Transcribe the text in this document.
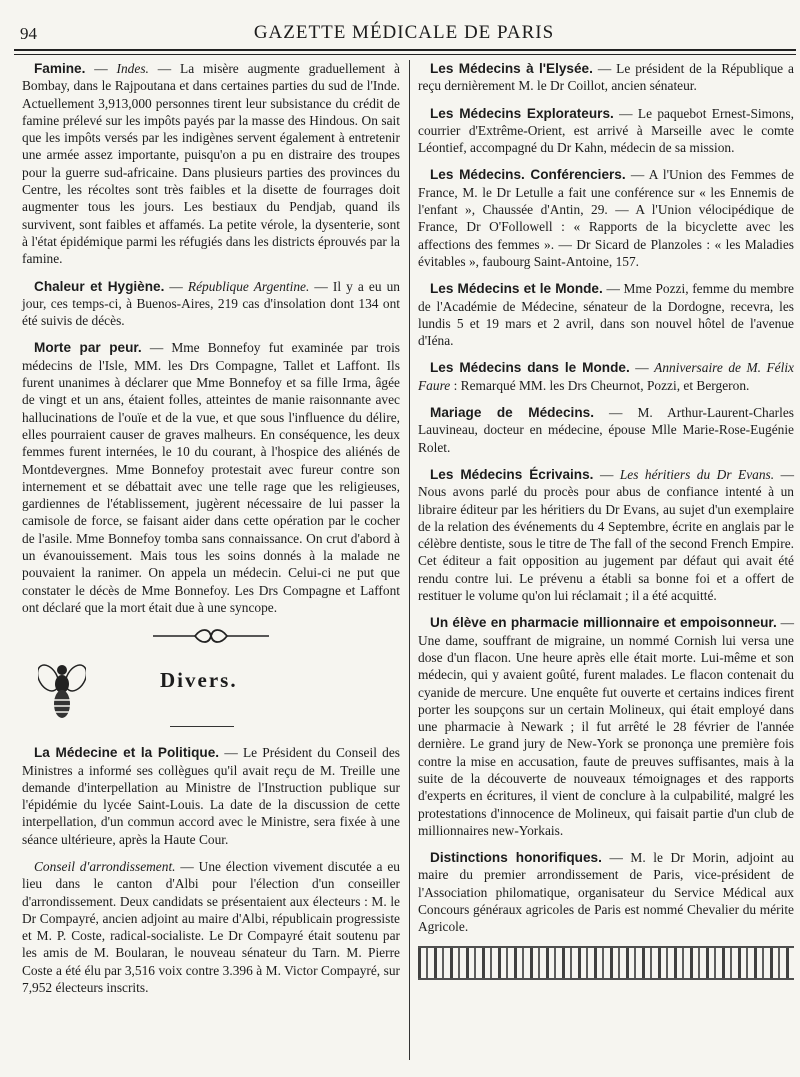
94	GAZETTE MÉDICALE DE PARIS

Famine. — Indes. — La misère augmente graduellement à Bombay, dans le Rajpoutana et dans certaines parties du sud de l'Inde. Actuellement 3,913,000 personnes tirent leur subsistance du crédit de famine prélevé sur les impôts payés par la masse des Hindous. On sait que les impôts versés par les indigènes servent également à entretenir une armée assez importante, puisqu'on a pu en distraire des troupes pour la guerre sud-africaine. Dans plusieurs parties des provinces du Centre, les récoltes sont très faibles et la disette de fourrages doit augmenter tous les jours. Les bestiaux du Pendjab, quand ils survivent, sont faibles et affamés. La petite vérole, la dysenterie, sont à l'état épidémique parmi les réfugiés dans les districts éprouvés par la famine.

Chaleur et Hygiène. — République Argentine. — Il y a eu un jour, ces temps-ci, à Buenos-Aires, 219 cas d'insolation dont 134 ont été suivis de décès.

Morte par peur. — Mme Bonnefoy fut examinée par trois médecins de l'Isle, MM. les Drs Compagne, Tallet et Laffont. Ils furent unanimes à déclarer que Mme Bonnefoy et sa fille Irma, âgée de vingt et un ans, étaient folles, atteintes de manie raisonnante avec hallucinations de l'ouïe et de la vue, et que sous l'influence du délire, elles pourraient causer de graves malheurs. En conséquence, les deux femmes furent internées, le 10 du courant, à l'hospice des aliénés de Montdevergnes. Mme Bonnefoy protestait avec fureur contre son internement et se débattait avec une telle rage que les religieuses, gardiennes de l'établissement, jugèrent nécessaire de lui passer la camisole de force, se faisant aider dans cette opération par le cocher de l'asile. Mme Bonnefoy tomba sans connaissance. On crut d'abord à un évanouissement. Mais tous les soins donnés à la malade ne pouvaient la ranimer. On appela un médecin. Celui-ci ne put que constater le décès de Mme Bonnefoy. Les Drs Compagne et Laffont ont déclaré que la mort était due à une syncope.

Divers.

La Médecine et la Politique. — Le Président du Conseil des Ministres a informé ses collègues qu'il avait reçu de M. Treille une demande d'interpellation au Ministre de l'Instruction publique sur l'épidémie du lycée Saint-Louis. La date de la discussion de cette interpellation, d'un commun accord avec le Ministre, sera fixée à une séance ultérieure, après la Haute Cour.

Conseil d'arrondissement. — Une élection vivement discutée a eu lieu dans le canton d'Albi pour l'élection d'un conseiller d'arrondissement. Deux candidats se présentaient aux électeurs : M. le Dr Compayré, ancien adjoint au maire d'Albi, républicain progressiste et M. P. Coste, radical-socialiste. Le Dr Compayré était soutenu par les amis de M. Boularan, le nouveau sénateur du Tarn. M. Pierre Coste a été élu par 3,516 voix contre 3.396 à M. Victor Compayré, sur 7,952 électeurs inscrits.

Les Médecins à l'Elysée. — Le président de la République a reçu dernièrement M. le Dr Coillot, ancien sénateur.

Les Médecins Explorateurs. — Le paquebot Ernest-Simons, courrier d'Extrême-Orient, est arrivé à Marseille avec le comte Léontief, accompagné du Dr Kahn, médecin de sa mission.

Les Médecins. Conférenciers. — A l'Union des Femmes de France, M. le Dr Letulle a fait une conférence sur « les Ennemis de l'enfant », Chaussée d'Antin, 29. — A l'Union vélocipédique de France, Dr O'Followell : « Rapports de la bicyclette avec les affections des femmes ». — Dr Sicard de Planzoles : « les Maladies évitables », faubourg Saint-Antoine, 157.

Les Médecins et le Monde. — Mme Pozzi, femme du membre de l'Académie de Médecine, sénateur de la Dordogne, recevra, les lundis 5 et 19 mars et 2 avril, dans son nouvel hôtel de l'avenue d'Iéna.

Les Médecins dans le Monde. — Anniversaire de M. Félix Faure : Remarqué MM. les Drs Cheurnot, Pozzi, et Bergeron.

Mariage de Médecins. — M. Arthur-Laurent-Charles Lauvineau, docteur en médecine, épouse Mlle Marie-Rose-Eugénie Rolet.

Les Médecins Écrivains. — Les héritiers du Dr Evans. — Nous avons parlé du procès pour abus de confiance intenté à un libraire éditeur par les héritiers du Dr Evans, au sujet d'un exemplaire de la relation des événements du 4 Septembre, écrite en anglais par le célèbre dentiste, sous le titre de The fall of the second French Empire. Cet éditeur a fait opposition au jugement par défaut qui avait été rendu contre lui. Le prévenu a établi sa bonne foi et a offert de restituer le volume qu'on lui réclamait ; il a été acquitté.

Un élève en pharmacie millionnaire et empoisonneur. — Une dame, souffrant de migraine, un nommé Cornish lui versa une dose d'un flacon. Une heure après elle était morte. Lui-même et son médecin, qui y avaient goûté, furent malades. Le flacon contenait du cyanide de mercure. Une enquête fut ouverte et certains indices firent porter les soupçons sur un certain Molineux, qui était employé dans une pharmacie à Newark ; il fut arrêté le 28 février de l'année dernière. Le grand jury de New-York se prononça une première fois contre la mise en accusation, faute de preuves suffisantes, mais à la suite de la découverte de nouveaux témoignages et des rapports d'experts en écritures, il vient de conclure à la culpabilité, malgré les protestations d'innocence de Molineux, qui faisait partie d'un club de millionnaires new-Yorkais.

Distinctions honorifiques. — M. le Dr Morin, adjoint au maire du premier arrondissement de Paris, vice-président de l'Association philomatique, organisateur du Service Médical aux Concours généraux agricoles de Paris est nommé Chevalier du mérite Agricole.
